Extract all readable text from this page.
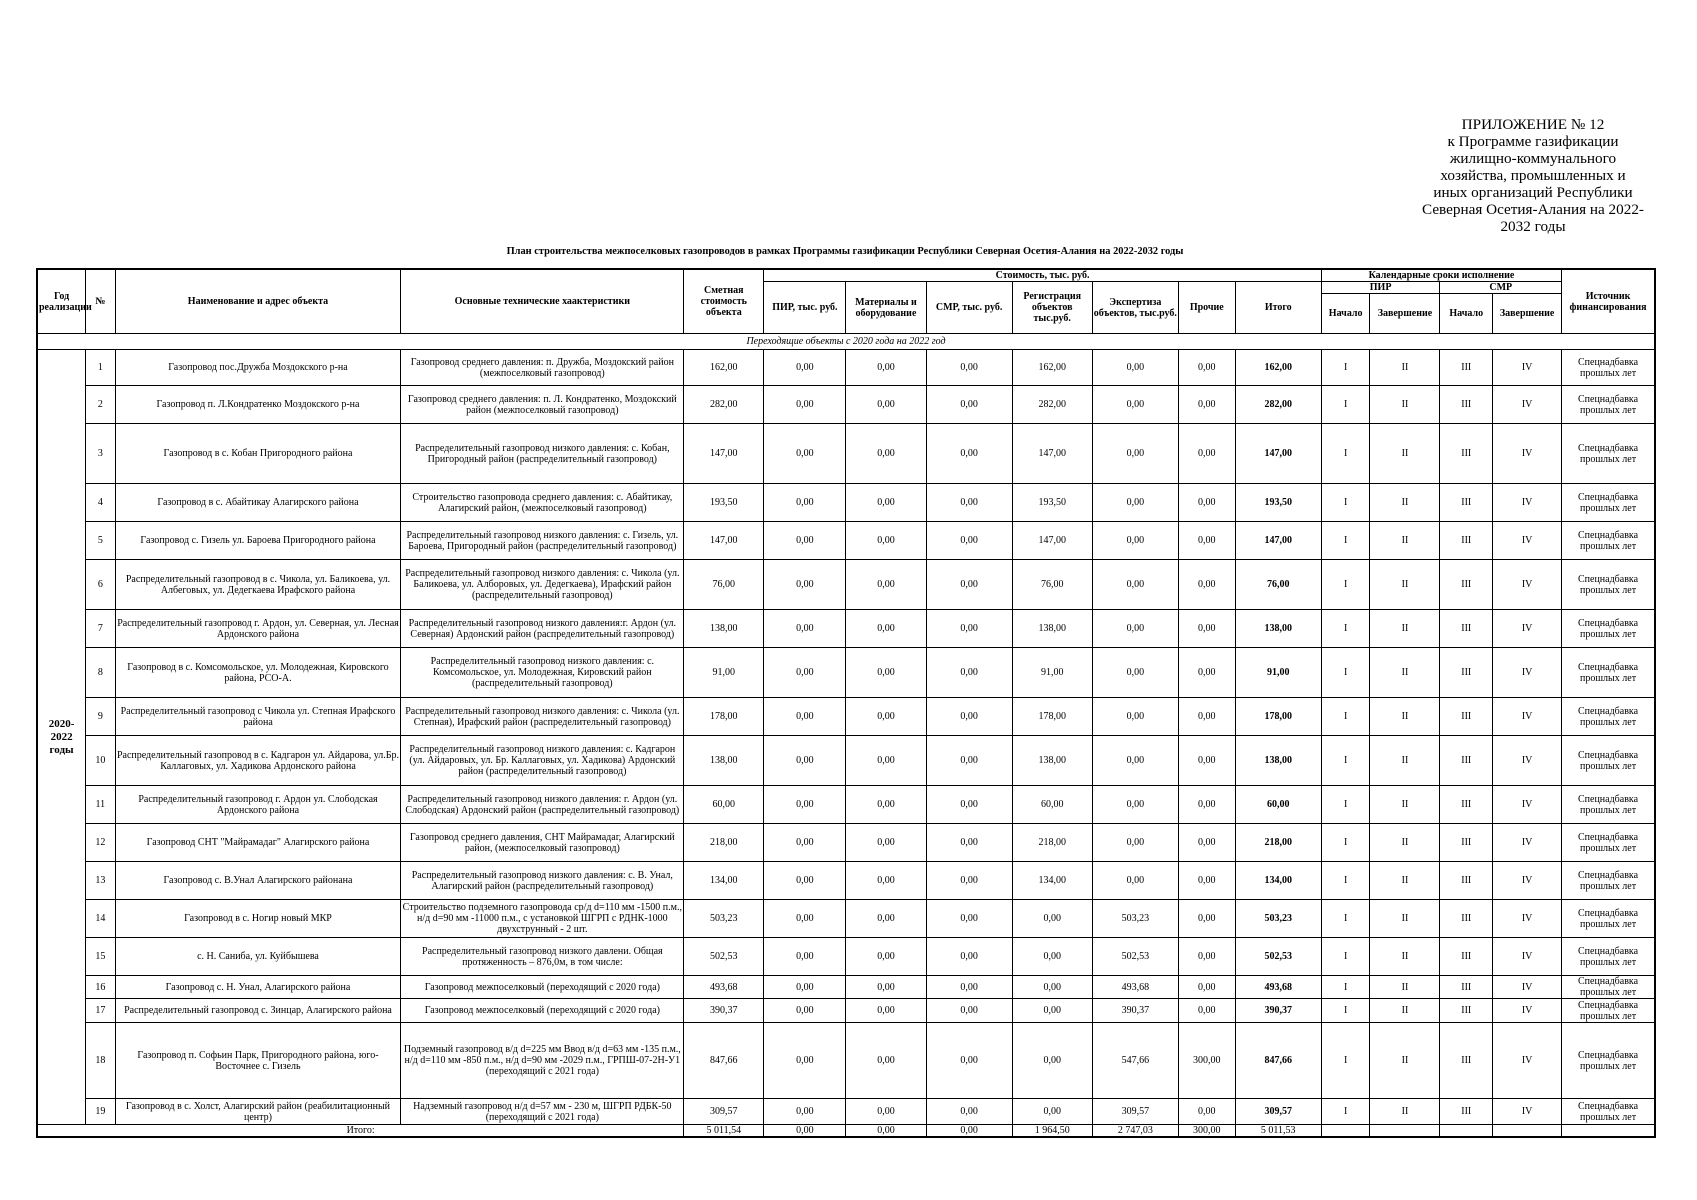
ПРИЛОЖЕНИЕ № 12
к Программе газификации
жилищно-коммунального
хозяйства, промышленных и
иных организаций Республики
Северная Осетия-Алания на 2022-
2032 годы
План строительства межпоселковых газопроводов в рамках Программы газификации Республики Северная Осетия-Алания на 2022-2032 годы
Год реализации	№	Наименование и адрес объекта	Основные технические хаактеристики	Сметная стоимость объекта	Стоимость, тыс. руб.							Календарные сроки исполнение				Источник финансирования
					ПИР, тыс. руб.	Материалы и оборудование	СМР, тыс. руб.	Регистрация объектов тыс.руб.	Экспертиза объектов, тыс.руб.	Прочие	Итого	ПИР		СМР		
												Начало	Завершение	Начало	Завершение	
Переходящие объекты с 2020 года на 2022 год																
2020-2022 годы	1	Газопровод пос.Дружба Моздокского р-на	Газопровод среднего давления: п. Дружба, Моздокский район (межпоселковый газопровод)	162,00	0,00	0,00	0,00	162,00	0,00	0,00	162,00	I	II	III	IV	Спецнадбавка прошлых лет
	2	Газопровод п. Л.Кондратенко Моздокского р-на	Газопровод среднего давления: п. Л. Кондратенко, Моздокский район (межпоселковый газопровод)	282,00	0,00	0,00	0,00	282,00	0,00	0,00	282,00	I	II	III	IV	Спецнадбавка прошлых лет
	3	Газопровод в с. Кобан Пригородного района	Распределительный газопровод низкого давления: с. Кобан, Пригородный район (распределительный газопровод)	147,00	0,00	0,00	0,00	147,00	0,00	0,00	147,00	I	II	III	IV	Спецнадбавка прошлых лет
	4	Газопровод в с. Абайтикау Алагирского района	Строительство газопровода среднего давления: с. Абайтикау, Алагирский район, (межпоселковый газопровод)	193,50	0,00	0,00	0,00	193,50	0,00	0,00	193,50	I	II	III	IV	Спецнадбавка прошлых лет
	5	Газопровод с. Гизель ул. Бароева Пригородного района	Распределительный газопровод низкого давления: с. Гизель, ул. Бароева, Пригородный район (распределительный газопровод)	147,00	0,00	0,00	0,00	147,00	0,00	0,00	147,00	I	II	III	IV	Спецнадбавка прошлых лет
	6	Распределительный газопровод в с. Чикола, ул. Баликоева, ул. Албеговых, ул. Дедегкаева Ирафского района	Распределительный газопровод низкого давления: с. Чикола (ул. Баликоева, ул. Алборовых, ул. Дедегкаева), Ирафский район (распределительный газопровод)	76,00	0,00	0,00	0,00	76,00	0,00	0,00	76,00	I	II	III	IV	Спецнадбавка прошлых лет
	7	Распределительный газопровод г. Ардон, ул. Северная, ул. Лесная Ардонского района	Распределительный газопровод низкого давления:г. Ардон (ул. Северная) Ардонский район (распределительный газопровод)	138,00	0,00	0,00	0,00	138,00	0,00	0,00	138,00	I	II	III	IV	Спецнадбавка прошлых лет
	8	Газопровод в с. Комсомольское, ул. Молодежная, Кировского района, РСО-А.	Распределительный газопровод низкого давления: с. Комсомольское, ул. Молодежная, Кировский район (распределительный газопровод)	91,00	0,00	0,00	0,00	91,00	0,00	0,00	91,00	I	II	III	IV	Спецнадбавка прошлых лет
	9	Распределительный газопровод с Чикола ул. Степная Ирафского района	Распределительный газопровод низкого давления: с. Чикола (ул. Степная), Ирафский район (распределительный газопровод)	178,00	0,00	0,00	0,00	178,00	0,00	0,00	178,00	I	II	III	IV	Спецнадбавка прошлых лет
	10	Распределительный газопровод в с. Кадгарон ул. Айдарова, ул.Бр. Каллаговых, ул. Хадикова Ардонского района	Распределительный газопровод низкого давления: с. Кадгарон (ул. Айдаровых, ул. Бр. Каллаговых, ул. Хадикова) Ардонский район (распределительный газопровод)	138,00	0,00	0,00	0,00	138,00	0,00	0,00	138,00	I	II	III	IV	Спецнадбавка прошлых лет
	11	Распределительный газопровод г. Ардон ул. Слободская Ардонского района	Распределительный газопровод низкого давления: г. Ардон (ул. Слободская) Ардонский район (распределительный газопровод)	60,00	0,00	0,00	0,00	60,00	0,00	0,00	60,00	I	II	III	IV	Спецнадбавка прошлых лет
	12	Газопровод СНТ "Майрамадаг" Алагирского района	Газопровод среднего давления, СНТ Майрамадаг, Алагирский район, (межпоселковый газопровод)	218,00	0,00	0,00	0,00	218,00	0,00	0,00	218,00	I	II	III	IV	Спецнадбавка прошлых лет
	13	Газопровод с. В.Унал Алагирского районана	Распределительный газопровод низкого давления: с. В. Унал, Алагирский район (распределительный газопровод)	134,00	0,00	0,00	0,00	134,00	0,00	0,00	134,00	I	II	III	IV	Спецнадбавка прошлых лет
	14	Газопровод в с. Ногир новый МКР	Строительство подземного газопровода ср/д d=110 мм -1500 п.м., н/д d=90 мм -11000 п.м., с установкой ШГРП с РДНК-1000 двухструнный - 2 шт.	503,23	0,00	0,00	0,00	0,00	503,23	0,00	503,23	I	II	III	IV	Спецнадбавка прошлых лет
	15	с. Н. Саниба, ул. Куйбышева	Распределительный газопровод низкого давлени. Общая протяженность – 876,0м, в том числе:	502,53	0,00	0,00	0,00	0,00	502,53	0,00	502,53	I	II	III	IV	Спецнадбавка прошлых лет
	16	Газопровод с. Н. Унал, Алагирского района	Газопровод межпоселковый (переходящий с 2020 года)	493,68	0,00	0,00	0,00	0,00	493,68	0,00	493,68	I	II	III	IV	Спецнадбавка прошлых лет
	17	Распределительный газопровод с. Зинцар, Алагирского района	Газопровод межпоселковый (переходящий с 2020 года)	390,37	0,00	0,00	0,00	0,00	390,37	0,00	390,37	I	II	III	IV	Спецнадбавка прошлых лет
	18	Газопровод п. Софьин Парк, Пригородного района, юго-Восточнее с. Гизель	Подземный газопровод в/д d=225 мм Ввод в/д d=63 мм -135 п.м., н/д d=110 мм -850 п.м., н/д d=90 мм -2029 п.м., ГРПШ-07-2Н-У1 (переходящий с 2021 года)	847,66	0,00	0,00	0,00	0,00	547,66	300,00	847,66	I	II	III	IV	Спецнадбавка прошлых лет
	19	Газопровод в с. Холст, Алагирский район (реабилитационный центр)	Надземный газопровод н/д d=57 мм - 230 м, ШГРП РДБК-50 (переходящий с 2021 года)	309,57	0,00	0,00	0,00	0,00	309,57	0,00	309,57	I	II	III	IV	Спецнадбавка прошлых лет
Итого:				5 011,54	0,00	0,00	0,00	1 964,50	2 747,03	300,00	5 011,53					
